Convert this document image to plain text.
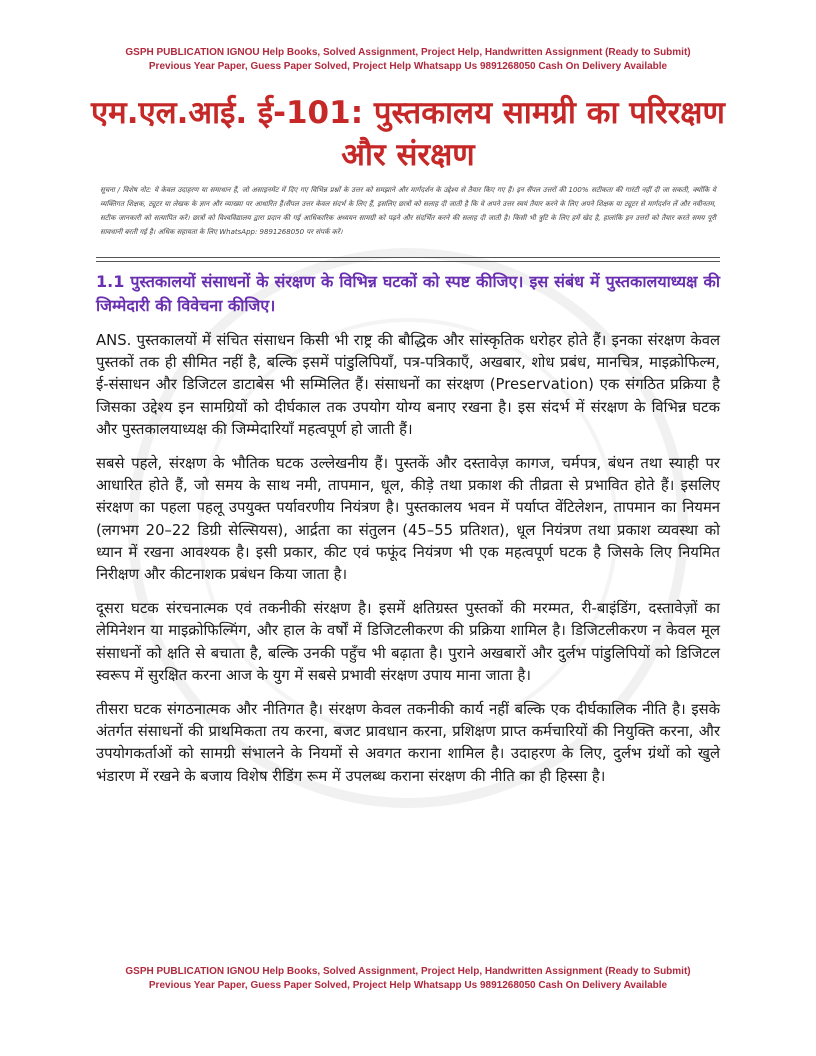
GSPH PUBLICATION IGNOU Help Books, Solved Assignment, Project Help, Handwritten Assignment (Ready to Submit)
Previous Year Paper, Guess Paper Solved, Project Help Whatsapp Us 9891268050 Cash On Delivery Available
एम.एल.आई. ई-101: पुस्तकालय सामग्री का परिरक्षण और संरक्षण
सूचना / विशेष नोट: ये केवल उदाहरण या समाधान हैं, जो असाइनमेंट में दिए गए विभिन्न प्रश्नों के उत्तर को समझाने और मार्गदर्शन के उद्देश्य से तैयार किए गए हैं। इन सैंपल उत्तरों की 100% सटीकता की गारंटी नहीं दी जा सकती, क्योंकि ये व्यक्तिगत शिक्षक, ट्यूटर या लेखक के ज्ञान और व्याख्या पर आधारित हैं।सैंपल उत्तर केवल संदर्भ के लिए हैं, इसलिए छात्रों को सलाह दी जाती है कि वे अपने उत्तर स्वयं तैयार करने के लिए अपने शिक्षक या ट्यूटर से मार्गदर्शन लें और नवीनतम, सटीक जानकारी को सत्यापित करें। छात्रों को विश्वविद्यालय द्वारा प्रदान की गई आधिकारिक अध्ययन सामग्री को पढ़ने और संदर्भित करने की सलाह दी जाती है। किसी भी त्रुटि के लिए हमें खेद है, हालांकि इन उत्तरों को तैयार करते समय पूरी सावधानी बरती गई है। अधिक सहायता के लिए WhatsApp: 9891268050 पर संपर्क करें।
1.1 पुस्तकालयों संसाधनों के संरक्षण के विभिन्न घटकों को स्पष्ट कीजिए। इस संबंध में पुस्तकालयाध्यक्ष की जिम्मेदारी की विवेचना कीजिए।

ANS. पुस्तकालयों में संचित संसाधन किसी भी राष्ट्र की बौद्धिक और सांस्कृतिक धरोहर होते हैं। इनका संरक्षण केवल पुस्तकों तक ही सीमित नहीं है, बल्कि इसमें पांडुलिपियाँ, पत्र-पत्रिकाएँ, अखबार, शोध प्रबंध, मानचित्र, माइक्रोफिल्म, ई-संसाधन और डिजिटल डाटाबेस भी सम्मिलित हैं। संसाधनों का संरक्षण (Preservation) एक संगठित प्रक्रिया है जिसका उद्देश्य इन सामग्रियों को दीर्घकाल तक उपयोग योग्य बनाए रखना है। इस संदर्भ में संरक्षण के विभिन्न घटक और पुस्तकालयाध्यक्ष की जिम्मेदारियाँ महत्वपूर्ण हो जाती हैं।

सबसे पहले, संरक्षण के भौतिक घटक उल्लेखनीय हैं। पुस्तकें और दस्तावेज़ कागज, चर्मपत्र, बंधन तथा स्याही पर आधारित होते हैं, जो समय के साथ नमी, तापमान, धूल, कीड़े तथा प्रकाश की तीव्रता से प्रभावित होते हैं। इसलिए संरक्षण का पहला पहलू उपयुक्त पर्यावरणीय नियंत्रण है। पुस्तकालय भवन में पर्याप्त वेंटिलेशन, तापमान का नियमन (लगभग 20–22 डिग्री सेल्सियस), आर्द्रता का संतुलन (45–55 प्रतिशत), धूल नियंत्रण तथा प्रकाश व्यवस्था को ध्यान में रखना आवश्यक है। इसी प्रकार, कीट एवं फफूंद नियंत्रण भी एक महत्वपूर्ण घटक है जिसके लिए नियमित निरीक्षण और कीटनाशक प्रबंधन किया जाता है।

दूसरा घटक संरचनात्मक एवं तकनीकी संरक्षण है। इसमें क्षतिग्रस्त पुस्तकों की मरम्मत, री-बाइंडिंग, दस्तावेज़ों का लेमिनेशन या माइक्रोफिल्मिंग, और हाल के वर्षों में डिजिटलीकरण की प्रक्रिया शामिल है। डिजिटलीकरण न केवल मूल संसाधनों को क्षति से बचाता है, बल्कि उनकी पहुँच भी बढ़ाता है। पुराने अखबारों और दुर्लभ पांडुलिपियों को डिजिटल स्वरूप में सुरक्षित करना आज के युग में सबसे प्रभावी संरक्षण उपाय माना जाता है।

तीसरा घटक संगठनात्मक और नीतिगत है। संरक्षण केवल तकनीकी कार्य नहीं बल्कि एक दीर्घकालिक नीति है। इसके अंतर्गत संसाधनों की प्राथमिकता तय करना, बजट प्रावधान करना, प्रशिक्षण प्राप्त कर्मचारियों की नियुक्ति करना, और उपयोगकर्ताओं को सामग्री संभालने के नियमों से अवगत कराना शामिल है। उदाहरण के लिए, दुर्लभ ग्रंथों को खुले भंडारण में रखने के बजाय विशेष रीडिंग रूम में उपलब्ध कराना संरक्षण की नीति का ही हिस्सा है।

GSPH PUBLICATION IGNOU Help Books, Solved Assignment, Project Help, Handwritten Assignment (Ready to Submit)
Previous Year Paper, Guess Paper Solved, Project Help Whatsapp Us 9891268050 Cash On Delivery Available
